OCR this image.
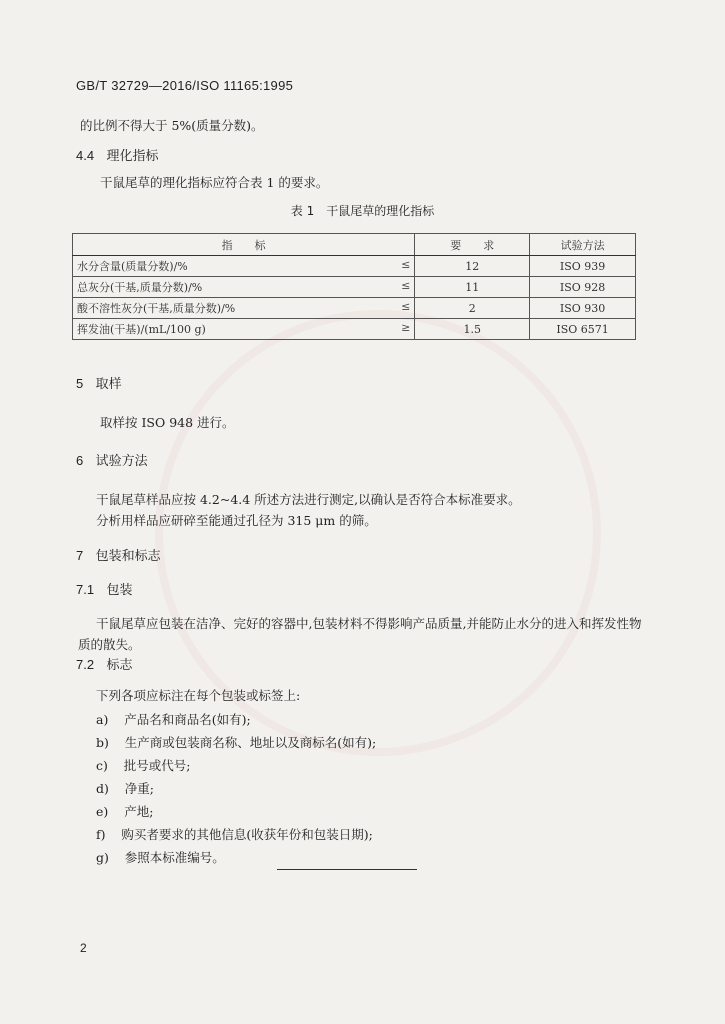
GB/T 32729—2016/ISO 11165:1995
的比例不得大于 5%(质量分数)。
4.4 理化指标
干鼠尾草的理化指标应符合表 1 的要求。
表 1　干鼠尾草的理化指标
指　　标	要　　求	试验方法
水分含量(质量分数)/% ≤	12	ISO 939
总灰分(干基,质量分数)/% ≤	11	ISO 928
酸不溶性灰分(干基,质量分数)/% ≤	2	ISO 930
挥发油(干基)/(mL/100 g) ≥	1.5	ISO 6571
5 取样
取样按 ISO 948 进行。
6 试验方法
干鼠尾草样品应按 4.2~4.4 所述方法进行测定,以确认是否符合本标准要求。
分析用样品应研碎至能通过孔径为 315 μm 的筛。
7 包装和标志
7.1 包装
干鼠尾草应包装在洁净、完好的容器中,包装材料不得影响产品质量,并能防止水分的进入和挥发性物质的散失。
7.2 标志
下列各项应标注在每个包装或标签上:
a) 产品名和商品名(如有);
b) 生产商或包装商名称、地址以及商标名(如有);
c) 批号或代号;
d) 净重;
e) 产地;
f) 购买者要求的其他信息(收获年份和包装日期);
g) 参照本标准编号。
2
